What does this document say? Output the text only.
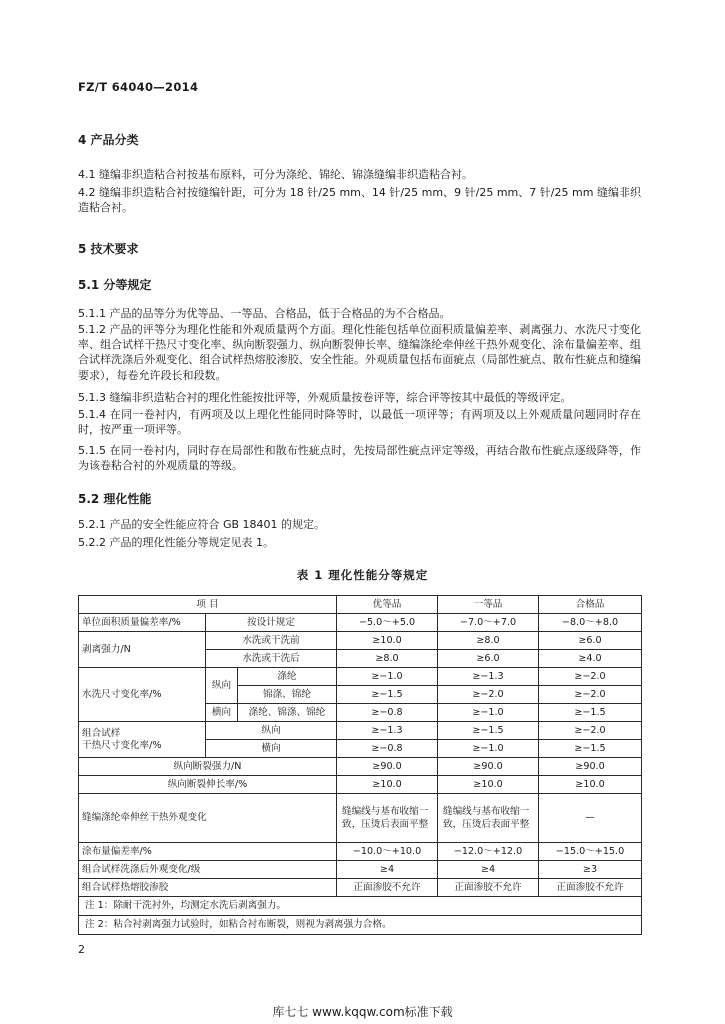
FZ/T 64040—2014
4 产品分类
4.1 缝编非织造粘合衬按基布原料，可分为涤纶、锦纶、锦涤缝编非织造粘合衬。
4.2 缝编非织造粘合衬按缝编针距，可分为 18 针/25 mm、14 针/25 mm、9 针/25 mm、7 针/25 mm 缝编非织造粘合衬。
5 技术要求
5.1 分等规定
5.1.1 产品的品等分为优等品、一等品、合格品，低于合格品的为不合格品。
5.1.2 产品的评等分为理化性能和外观质量两个方面。理化性能包括单位面积质量偏差率、剥离强力、水洗尺寸变化率、组合试样干热尺寸变化率、纵向断裂强力、纵向断裂伸长率、缝编涤纶牵伸丝干热外观变化、涂布量偏差率、组合试样洗涤后外观变化、组合试样热熔胶渗胶、安全性能。外观质量包括布面疵点（局部性疵点、散布性疵点和缝编要求），每卷允许段长和段数。
5.1.3 缝编非织造粘合衬的理化性能按批评等，外观质量按卷评等，综合评等按其中最低的等级评定。
5.1.4 在同一卷衬内，有两项及以上理化性能同时降等时，以最低一项评等；有两项及以上外观质量问题同时存在时，按严重一项评等。
5.1.5 在同一卷衬内，同时存在局部性和散布性疵点时，先按局部性疵点评定等级，再结合散布性疵点逐级降等，作为该卷粘合衬的外观质量的等级。
5.2 理化性能
5.2.1 产品的安全性能应符合 GB 18401 的规定。
5.2.2 产品的理化性能分等规定见表 1。
表 1 理化性能分等规定
项 目			优等品	一等品	合格品
单位面积质量偏差率/%	按设计规定		−5.0～+5.0	−7.0～+7.0	−8.0～+8.0
剥离强力/N	水洗或干洗前		≥10.0	≥8.0	≥6.0
	水洗或干洗后		≥8.0	≥6.0	≥4.0
水洗尺寸变化率/%	纵向	涤纶	≥−1.0	≥−1.3	≥−2.0
		锦涤、锦纶	≥−1.5	≥−2.0	≥−2.0
	横向	涤纶、锦涤、锦纶	≥−0.8	≥−1.0	≥−1.5

组合试样
干热尺寸变化率/%	纵向		≥−1.3	≥−1.5	≥−2.0
	横向		≥−0.8	≥−1.0	≥−1.5
纵向断裂强力/N			≥90.0	≥90.0	≥90.0
纵向断裂伸长率/%			≥10.0	≥10.0	≥10.0
缝编涤纶牵伸丝干热外观变化			缝编线与基布收缩一致，压烫后表面平整	缝编线与基布收缩一致，压烫后表面平整	—
涂布量偏差率/%			−10.0～+10.0	−12.0～+12.0	−15.0～+15.0
组合试样洗涤后外观变化/级			≥4	≥4	≥3
组合试样热熔胶渗胶			正面渗胶不允许	正面渗胶不允许	正面渗胶不允许
注 1：除耐干洗衬外，均测定水洗后剥离强力。					
注 2：粘合衬剥离强力试验时，如粘合衬布断裂，则视为剥离强力合格。					
2
库七七 www.kqqw.com标准下载
